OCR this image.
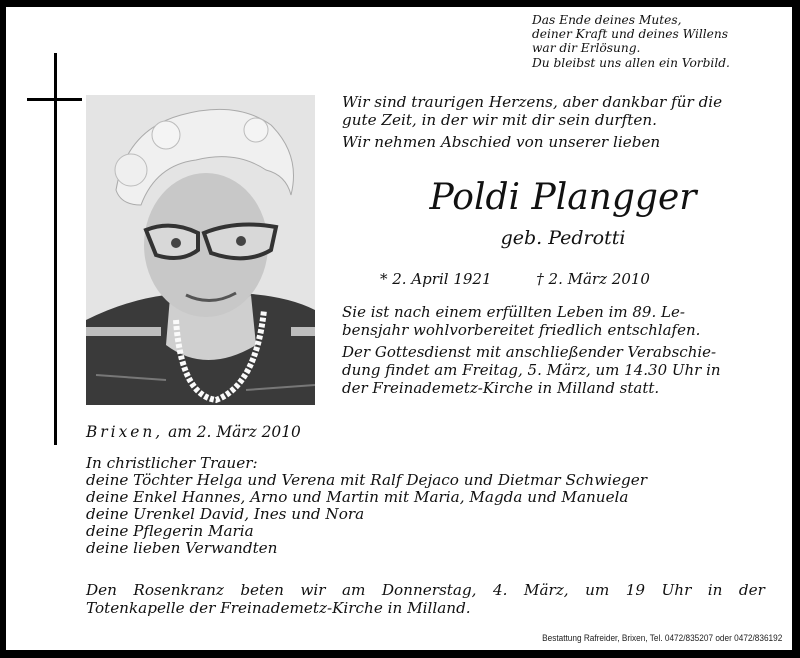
Das Ende deines Mutes,
deiner Kraft und deines Willens
war dir Erlösung.
Du bleibst uns allen ein Vorbild.
Wir sind traurigen Herzens, aber dankbar für die
gute Zeit, in der wir mit dir sein durften.
Wir nehmen Abschied von unserer lieben
Poldi Plangger
geb. Pedrotti
* 2. April 1921	† 2. März 2010
Sie ist nach einem erfüllten Leben im 89. Le-
bensjahr wohlvorbereitet friedlich entschlafen.
Der Gottesdienst mit anschließender Verabschie-
dung findet am Freitag, 5. März, um 14.30 Uhr in
der Freinademetz-Kirche in Milland statt.
Brixen, am 2. März 2010
In christlicher Trauer:
deine Töchter Helga und Verena mit Ralf Dejaco und Dietmar Schwieger
deine Enkel Hannes, Arno und Martin mit Maria, Magda und Manuela
deine Urenkel David, Ines und Nora
deine Pflegerin Maria
deine lieben Verwandten
Den Rosenkranz beten wir am Donnerstag, 4. März, um 19 Uhr in der
Totenkapelle der Freinademetz-Kirche in Milland.
Bestattung Rafreider, Brixen, Tel. 0472/835207 oder 0472/836192
